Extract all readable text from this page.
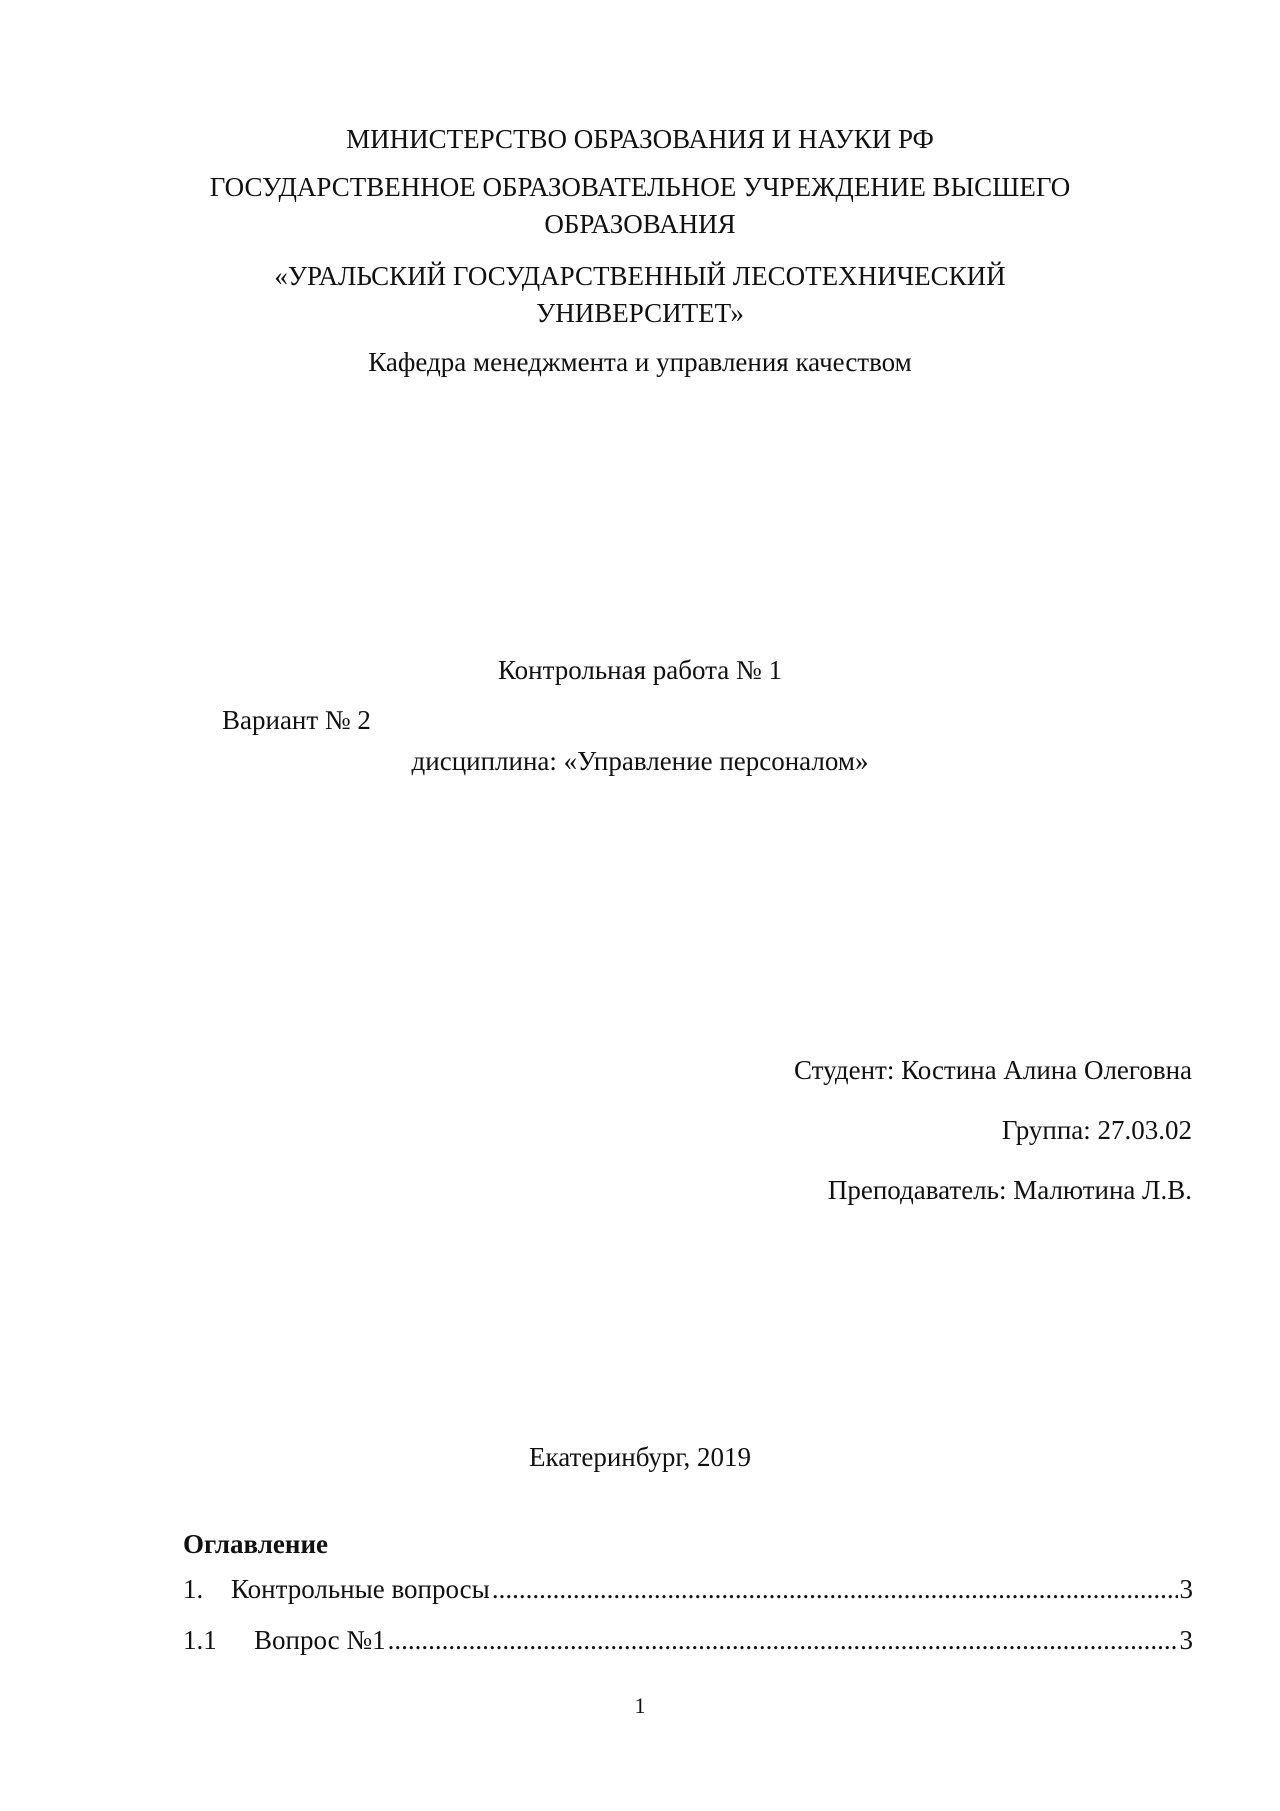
МИНИСТЕРСТВО ОБРАЗОВАНИЯ И НАУКИ РФ
ГОСУДАРСТВЕННОЕ ОБРАЗОВАТЕЛЬНОЕ УЧРЕЖДЕНИЕ ВЫСШЕГО
ОБРАЗОВАНИЯ
«УРАЛЬСКИЙ ГОСУДАРСТВЕННЫЙ ЛЕСОТЕХНИЧЕСКИЙ
УНИВЕРСИТЕТ»
Кафедра менеджмента и управления качеством
Контрольная работа № 1
Вариант № 2
дисциплина: «Управление персоналом»
Студент: Костина Алина Олеговна
Группа: 27.03.02
Преподаватель: Малютина Л.В.
Екатеринбург, 2019
Оглавление
1.	Контрольные вопросы .....	3
1.1	Вопрос №1 .....	3
1
